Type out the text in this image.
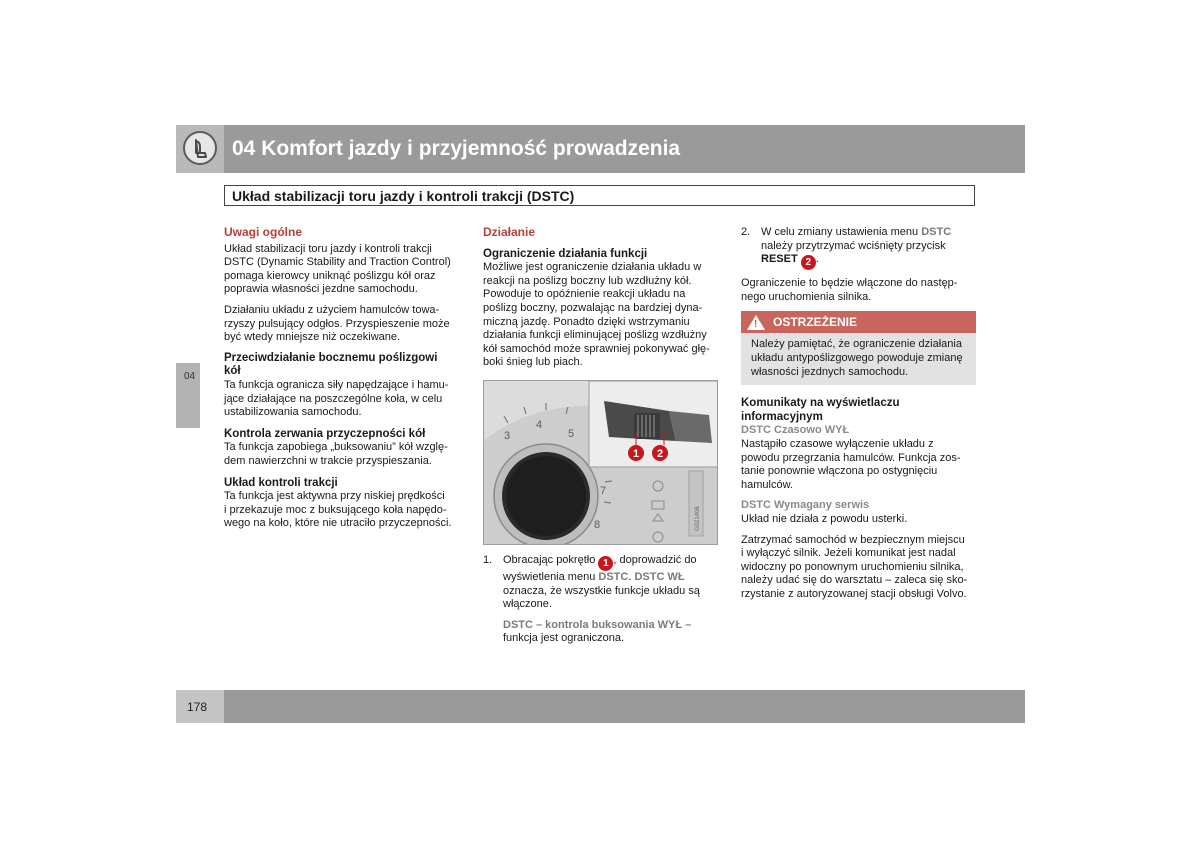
04 Komfort jazdy i przyjemność prowadzenia
Układ stabilizacji toru jazdy i kontroli trakcji (DSTC)
04
Uwagi ogólne

Układ stabilizacji toru jazdy i kontroli trakcji
DSTC (Dynamic Stability and Traction Control)
pomaga kierowcy uniknąć poślizgu kół oraz
poprawia własności jezdne samochodu.

Działaniu układu z użyciem hamulców towa-
rzyszy pulsujący odgłos. Przyspieszenie może
być wtedy mniejsze niż oczekiwane.

Przeciwdziałanie bocznemu poślizgowi kół
Ta funkcja ogranicza siły napędzające i hamu-
jące działające na poszczególne koła, w celu
ustabilizowania samochodu.
Kontrola zerwania przyczepności kół
Ta funkcja zapobiega „buksowaniu” kół wzglę-
dem nawierzchni w trakcie przyspieszania.
Układ kontroli trakcji
Ta funkcja jest aktywna przy niskiej prędkości
i przekazuje moc z buksującego koła napędo-
wego na koło, które nie utraciło przyczepności.
Działanie
Ograniczenie działania funkcji
Możliwe jest ograniczenie działania układu w
reakcji na poślizg boczny lub wzdłużny kół.
Powoduje to opóźnienie reakcji układu na
poślizg boczny, pozwalając na bardziej dyna-
miczną jazdę. Ponadto dzięki wstrzymaniu
działania funkcji eliminującej poślizg wzdłużny
kół samochód może sprawniej pokonywać głę-
boki śnieg lub piach.
3
4
5
7
8	G021406
1 2
1. Obracając pokrętło 1 , doprowadzić do
wyświetlenia menu DSTC. DSTC WŁ
oznacza, że wszystkie funkcje układu są
włączone.
DSTC – kontrola buksowania WYŁ –
funkcja jest ograniczona.
2. W celu zmiany ustawienia menu DSTC
należy przytrzymać wciśnięty przycisk
RESET 2 .

Ograniczenie to będzie włączone do następ-
nego uruchomienia silnika.

! OSTRZEŻENIE
Należy pamiętać, że ograniczenie działania
układu antypoślizgowego powoduje zmianę
własności jezdnych samochodu.
Komunikaty na wyświetlaczu informacyjnym
DSTC Czasowo WYŁ

Nastąpiło czasowe wyłączenie układu z
powodu przegrzania hamulców. Funkcja zos-
tanie ponownie włączona po ostygnięciu
hamulców.

DSTC Wymagany serwis

Układ nie działa z powodu usterki.

Zatrzymać samochód w bezpiecznym miejscu
i wyłączyć silnik. Jeżeli komunikat jest nadal
widoczny po ponownym uruchomieniu silnika,
należy udać się do warsztatu – zaleca się sko-
rzystanie z autoryzowanej stacji obsługi Volvo.

178
